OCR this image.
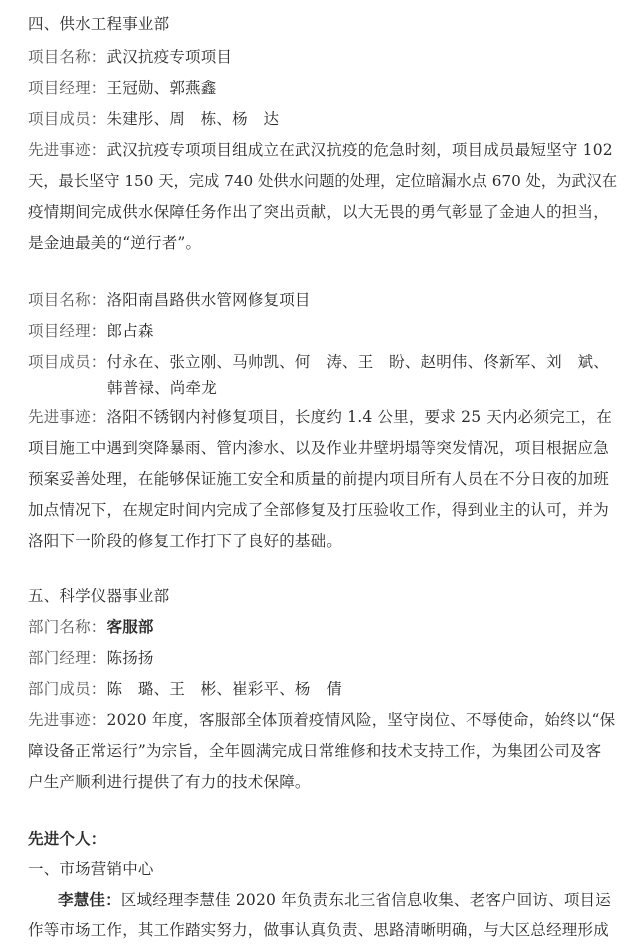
四、供水工程事业部
项目名称：武汉抗疫专项项目
项目经理：王冠勋、郭燕鑫
项目成员：朱建彤、周　栋、杨　达
先进事迹：武汉抗疫专项项目组成立在武汉抗疫的危急时刻，项目成员最短坚守 102
天，最长坚守 150 天，完成 740 处供水问题的处理，定位暗漏水点 670 处，为武汉在
疫情期间完成供水保障任务作出了突出贡献，以大无畏的勇气彰显了金迪人的担当，
是金迪最美的“逆行者”。
项目名称：洛阳南昌路供水管网修复项目
项目经理：郎占森
项目成员：付永在、张立刚、马帅凯、何　涛、王　盼、赵明伟、佟新军、刘　斌、
韩普禄、尚牵龙
先进事迹：洛阳不锈钢内衬修复项目，长度约 1.4 公里，要求 25 天内必须完工，在
项目施工中遇到突降暴雨、管内渗水、以及作业井壁坍塌等突发情况，项目根据应急
预案妥善处理，在能够保证施工安全和质量的前提内项目所有人员在不分日夜的加班
加点情况下，在规定时间内完成了全部修复及打压验收工作，得到业主的认可，并为
洛阳下一阶段的修复工作打下了良好的基础。
五、科学仪器事业部
部门名称：客服部
部门经理：陈扬扬
部门成员：陈　璐、王　彬、崔彩平、杨　倩
先进事迹：2020 年度，客服部全体顶着疫情风险，坚守岗位、不辱使命，始终以“保
障设备正常运行”为宗旨，全年圆满完成日常维修和技术支持工作，为集团公司及客
户生产顺利进行提供了有力的技术保障。
先进个人：
一、市场营销中心
李慧佳：区域经理李慧佳 2020 年负责东北三省信息收集、老客户回访、项目运
作等市场工作，其工作踏实努力，做事认真负责、思路清晰明确，与大区总经理形成
